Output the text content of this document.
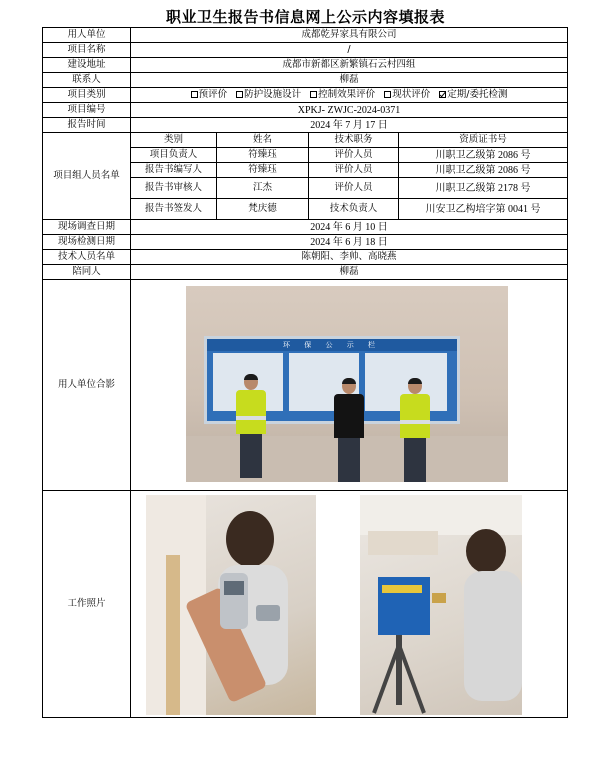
职业卫生报告书信息网上公示内容填报表
用人单位	成都乾昇家具有限公司			
项目名称	/			
建设地址	成都市新都区新繁镇石云村四组			
联系人	柳磊			
项目类别	预评价 防护设施设计 控制效果评价 现状评价 定期/委托检测			
项目编号	XPKJ- ZWJC-2024-0371			
报告时间	2024 年 7 月 17 日			
项目组人员名单	类别	姓名	技术职务	资质证书号
	项目负责人	符臻珏	评价人员	川职卫乙级第 2086 号
	报告书编写人	符臻珏	评价人员	川职卫乙级第 2086 号
	报告书审核人	江杰	评价人员	川职卫乙级第 2178 号
	报告书签发人	梵庆德	技术负责人	川安卫乙构培字第 0041 号
现场调查日期	2024 年 6 月 10 日			
现场检测日期	2024 年 6 月 18 日			
技术人员名单	陈朝阳、李帅、高晓燕			
陪同人	柳磊			
用人单位合影	环 保 公 示 栏			

工作照片	
